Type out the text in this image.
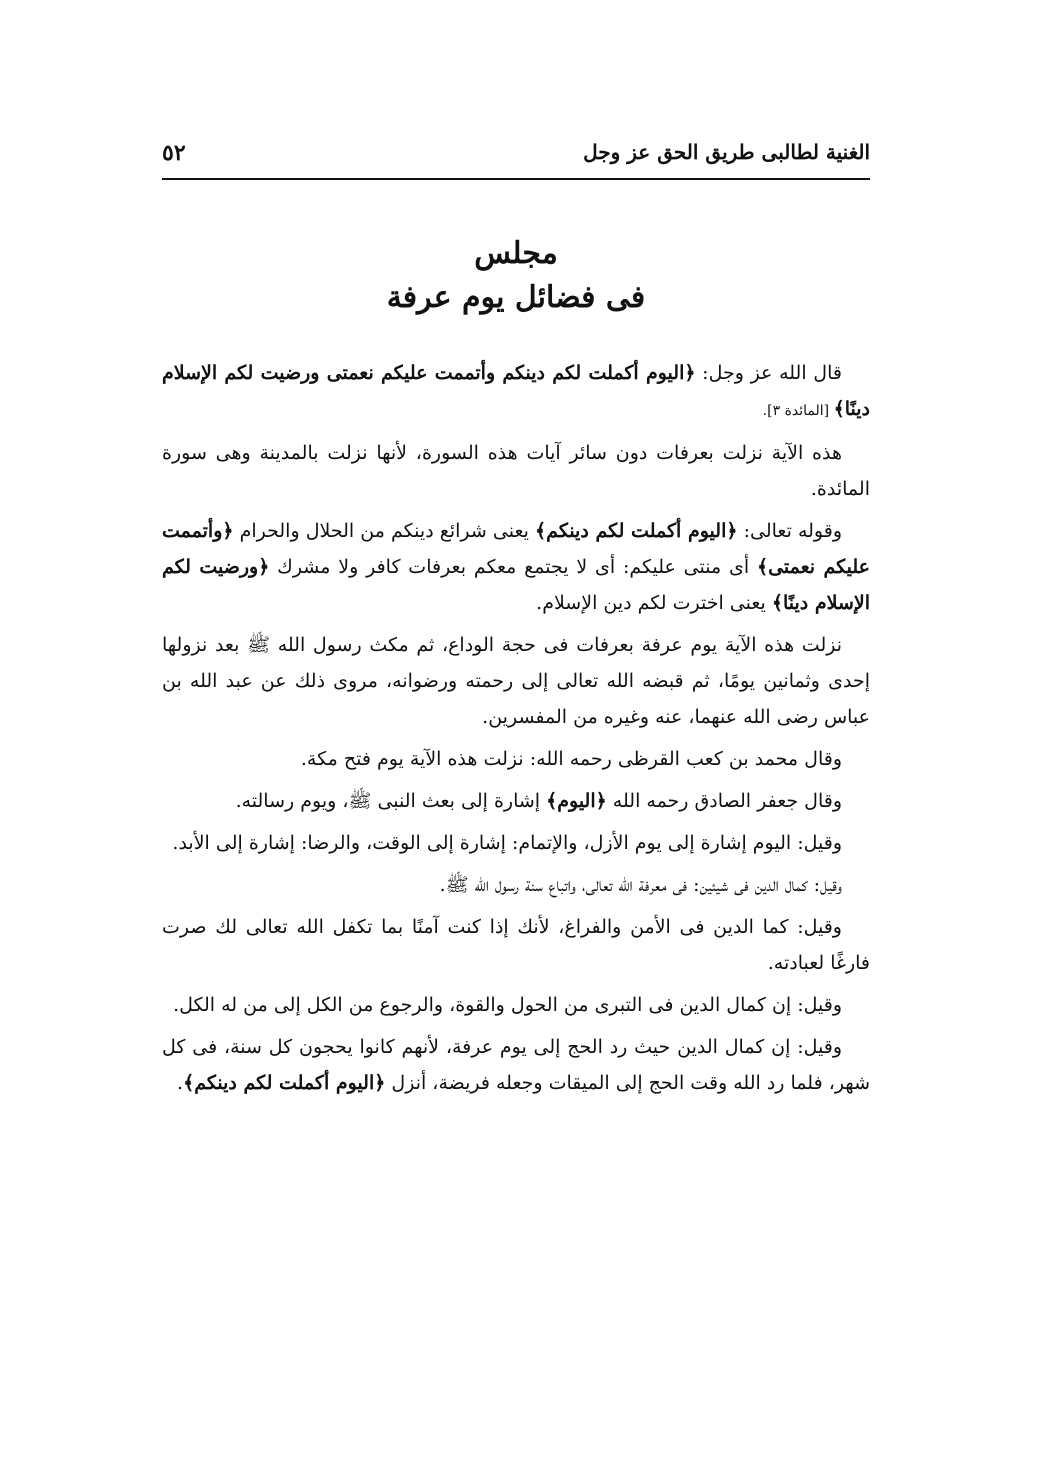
الغنية لطالبى طريق الحق عز وجل
٥٢
مجلس
فى فضائل يوم عرفة

قال الله عز وجل: ﴿اليوم أكملت لكم دينكم وأتممت عليكم نعمتى ورضيت لكم الإسلام دينًا﴾ [المائدة ٣].

هذه الآية نزلت بعرفات دون سائر آيات هذه السورة، لأنها نزلت بالمدينة وهى سورة المائدة.

وقوله تعالى: ﴿اليوم أكملت لكم دينكم﴾ يعنى شرائع دينكم من الحلال والحرام ﴿وأتممت عليكم نعمتى﴾ أى منتى عليكم: أى لا يجتمع معكم بعرفات كافر ولا مشرك ﴿ورضيت لكم الإسلام دينًا﴾ يعنى اخترت لكم دين الإسلام.

نزلت هذه الآية يوم عرفة بعرفات فى حجة الوداع، ثم مكث رسول الله ﷺ بعد نزولها إحدى وثمانين يومًا، ثم قبضه الله تعالى إلى رحمته ورضوانه، مروى ذلك عن عبد الله بن عباس رضى الله عنهما، عنه وغيره من المفسرين.

وقال محمد بن كعب القرظى رحمه الله: نزلت هذه الآية يوم فتح مكة.

وقال جعفر الصادق رحمه الله ﴿اليوم﴾ إشارة إلى بعث النبى ﷺ، ويوم رسالته.

وقيل: اليوم إشارة إلى يوم الأزل، والإتمام: إشارة إلى الوقت، والرضا: إشارة إلى الأبد.

وقيل: كمال الدين فى شيئين: فى معرفة الله تعالى، واتباع سنة رسول الله ﷺ.

وقيل: كما الدين فى الأمن والفراغ، لأنك إذا كنت آمنًا بما تكفل الله تعالى لك صرت فارغًا لعبادته.

وقيل: إن كمال الدين فى التبرى من الحول والقوة، والرجوع من الكل إلى من له الكل.

وقيل: إن كمال الدين حيث رد الحج إلى يوم عرفة، لأنهم كانوا يحجون كل سنة، فى كل شهر، فلما رد الله وقت الحج إلى الميقات وجعله فريضة، أنزل ﴿اليوم أكملت لكم دينكم﴾.
